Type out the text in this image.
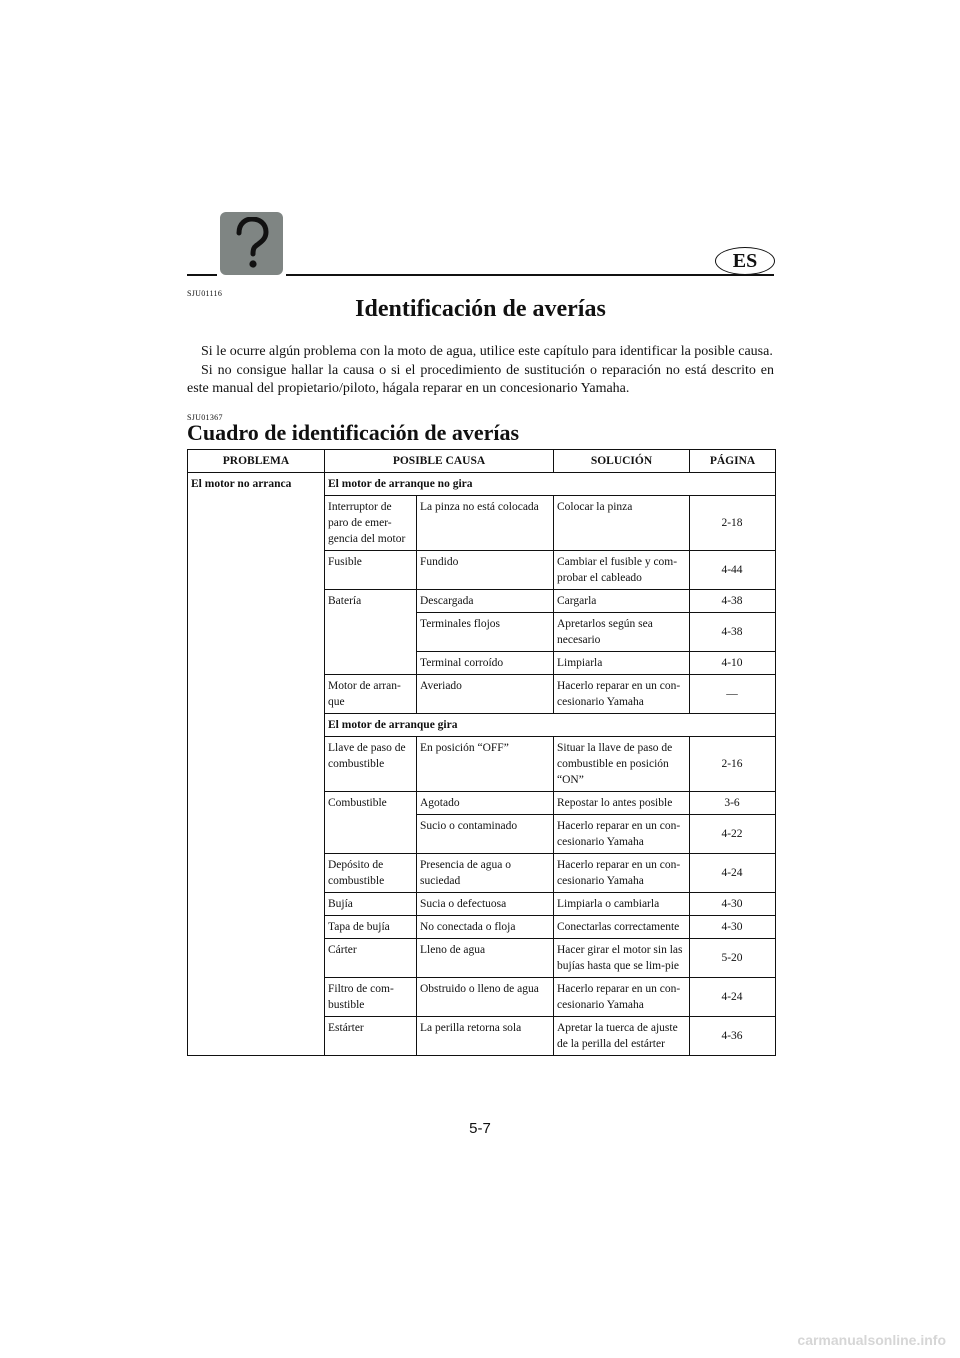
ES
SJU01116
Identificación de averías

Si le ocurre algún problema con la moto de agua, utilice este capítulo para identificar la posible causa.

Si no consigue hallar la causa o si el procedimiento de sustitución o reparación no está descrito en este manual del propietario/piloto, hágala reparar en un concesionario Yamaha.

SJU01367
Cuadro de identificación de averías
PROBLEMA	POSIBLE CAUSA		SOLUCIÓN	PÁGINA
El motor no arranca	El motor de arranque no gira			
	Interruptor de paro de emer-gencia del motor	La pinza no está colocada	Colocar la pinza	2-18
	Fusible	Fundido	Cambiar el fusible y com-probar el cableado	4-44
	Batería	Descargada	Cargarla	4-38
		Terminales flojos	Apretarlos según sea necesario	4-38
		Terminal corroído	Limpiarla	4-10
	Motor de arran-que	Averiado	Hacerlo reparar en un con-cesionario Yamaha	—
	El motor de arranque gira			
	Llave de paso de combustible	En posición “OFF”	Situar la llave de paso de combustible en posición “ON”	2-16
	Combustible	Agotado	Repostar lo antes posible	3-6
		Sucio o contaminado	Hacerlo reparar en un con-cesionario Yamaha	4-22
	Depósito de combustible	Presencia de agua o suciedad	Hacerlo reparar en un con-cesionario Yamaha	4-24
	Bujía	Sucia o defectuosa	Limpiarla o cambiarla	4-30
	Tapa de bujía	No conectada o floja	Conectarlas correctamente	4-30
	Cárter	Lleno de agua	Hacer girar el motor sin las bujías hasta que se lim-pie	5-20
	Filtro de com-bustible	Obstruido o lleno de agua	Hacerlo reparar en un con-cesionario Yamaha	4-24
	Estárter	La perilla retorna sola	Apretar la tuerca de ajuste de la perilla del estárter	4-36
5-7
carmanualsonline.info
